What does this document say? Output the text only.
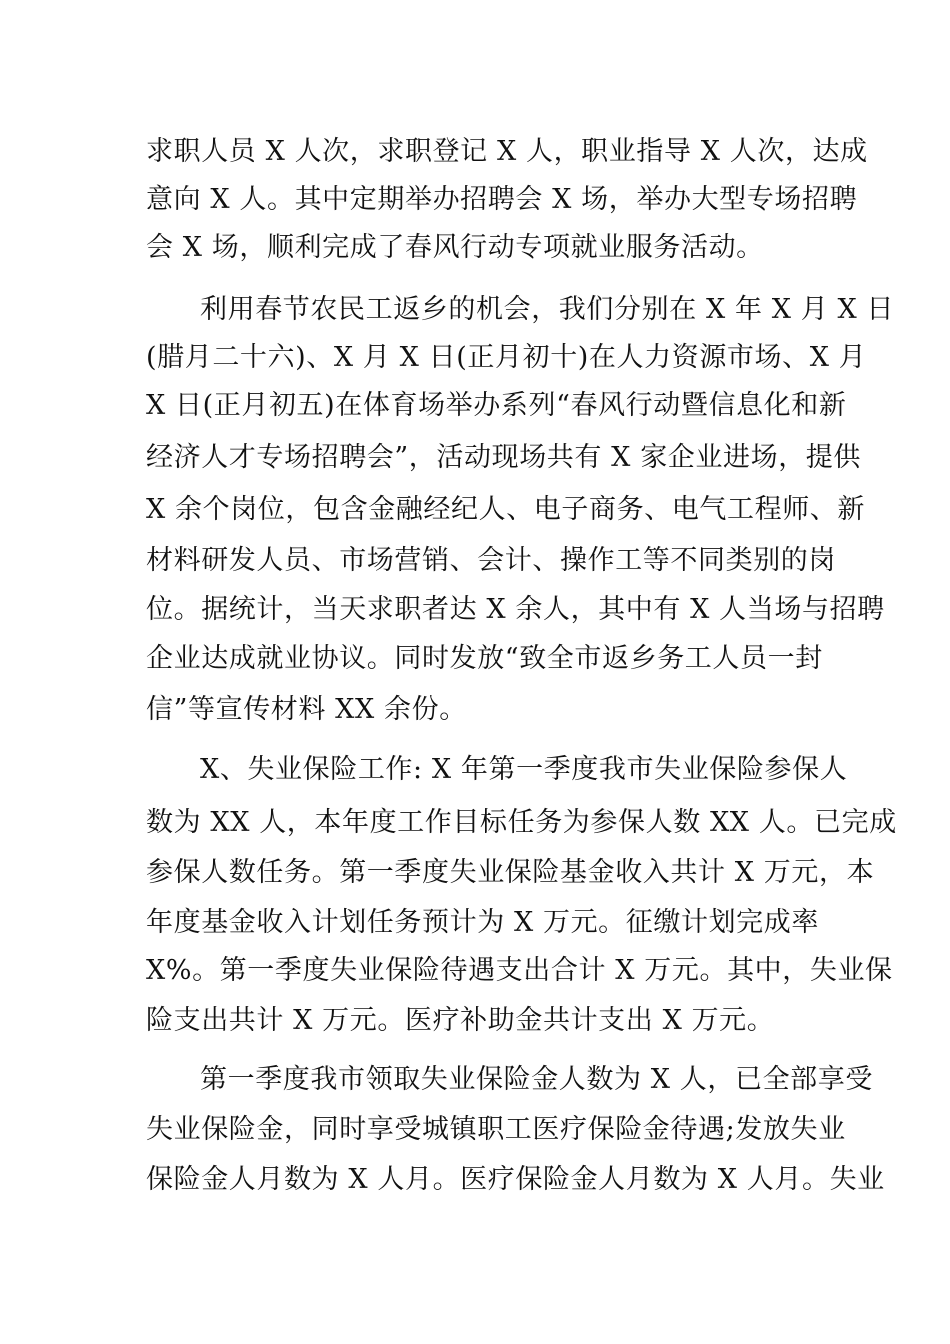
求职人员 X 人次，求职登记 X 人，职业指导 X 人次，达成
意向 X 人。其中定期举办招聘会 X 场，举办大型专场招聘
会 X 场，顺利完成了春风行动专项就业服务活动。
利用春节农民工返乡的机会，我们分别在 X 年 X 月 X 日
(腊月二十六)、X 月 X 日(正月初十)在人力资源市场、X 月
X 日(正月初五)在体育场举办系列“春风行动暨信息化和新
经济人才专场招聘会”，活动现场共有 X 家企业进场，提供
X 余个岗位，包含金融经纪人、电子商务、电气工程师、新
材料研发人员、市场营销、会计、操作工等不同类别的岗
位。据统计，当天求职者达 X 余人，其中有 X 人当场与招聘
企业达成就业协议。同时发放“致全市返乡务工人员一封
信”等宣传材料 XX 余份。
X、失业保险工作: X 年第一季度我市失业保险参保人
数为 XX 人，本年度工作目标任务为参保人数 XX 人。已完成
参保人数任务。第一季度失业保险基金收入共计 X 万元，本
年度基金收入计划任务预计为 X 万元。征缴计划完成率
X%。第一季度失业保险待遇支出合计 X 万元。其中，失业保
险支出共计 X 万元。医疗补助金共计支出 X 万元。
第一季度我市领取失业保险金人数为 X 人，已全部享受
失业保险金，同时享受城镇职工医疗保险金待遇;发放失业
保险金人月数为 X 人月。医疗保险金人月数为 X 人月。失业
